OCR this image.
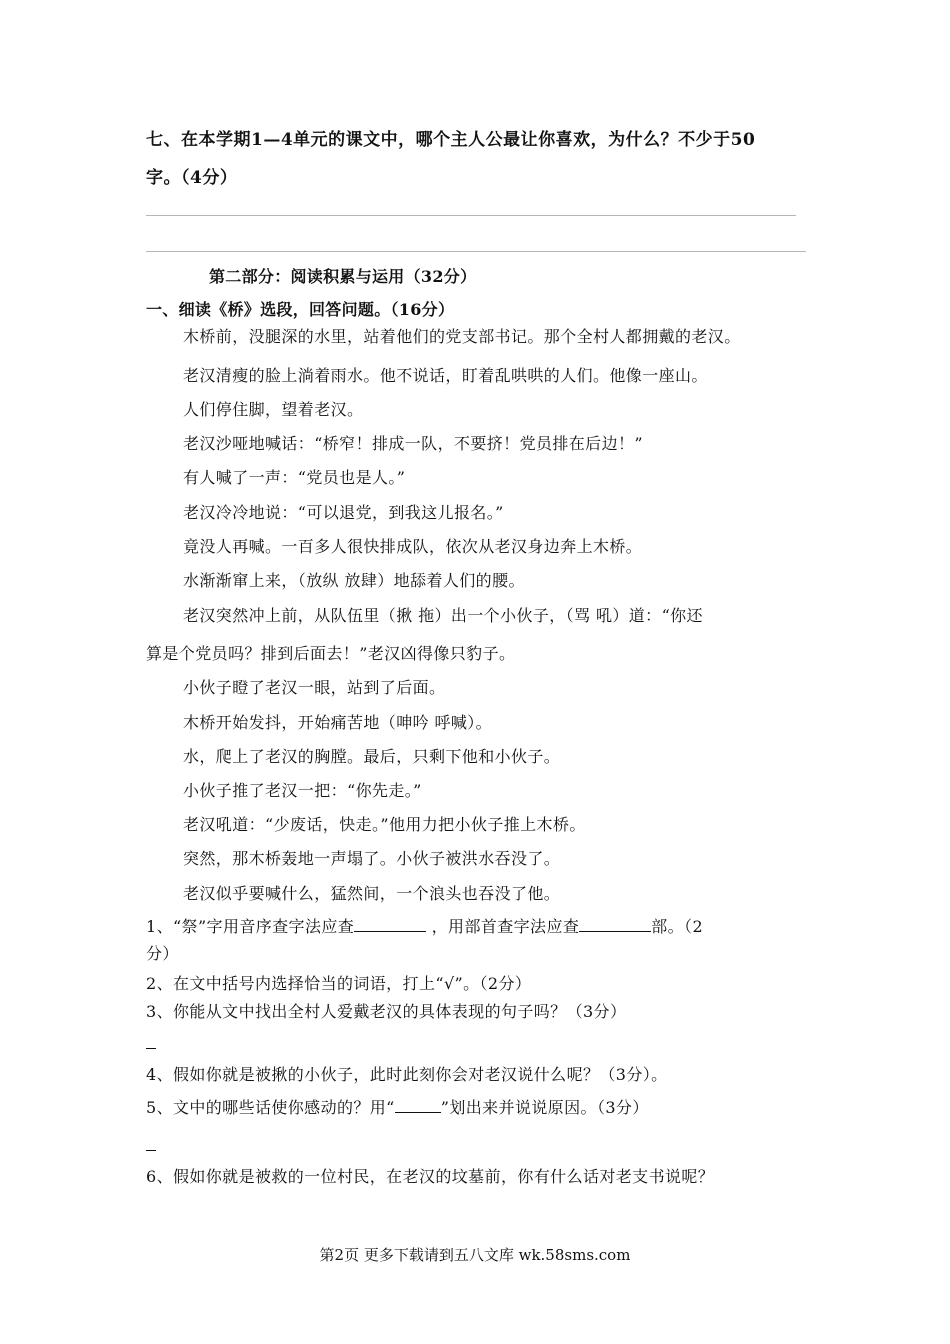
七、在本学期1—4单元的课文中，哪个主人公最让你喜欢，为什么？不少于50
字。（4分）
第二部分：阅读积累与运用（32分）
一、细读《桥》选段，回答问题。（16分）
木桥前，没腿深的水里，站着他们的党支部书记。那个全村人都拥戴的老汉。
老汉清瘦的脸上淌着雨水。他不说话，盯着乱哄哄的人们。他像一座山。
人们停住脚，望着老汉。
老汉沙哑地喊话：“桥窄！排成一队，不要挤！党员排在后边！”
有人喊了一声：“党员也是人。”
老汉冷冷地说：“可以退党，到我这儿报名。”
竟没人再喊。一百多人很快排成队，依次从老汉身边奔上木桥。
水渐渐窜上来，（放纵 放肆）地舔着人们的腰。
老汉突然冲上前，从队伍里（揪 拖）出一个小伙子，（骂 吼）道：“你还
算是个党员吗？排到后面去！”老汉凶得像只豹子。
小伙子瞪了老汉一眼，站到了后面。
木桥开始发抖，开始痛苦地（呻吟 呼喊）。
水，爬上了老汉的胸膛。最后，只剩下他和小伙子。
小伙子推了老汉一把：“你先走。”
老汉吼道：“少废话，快走。”他用力把小伙子推上木桥。
突然，那木桥轰地一声塌了。小伙子被洪水吞没了。
老汉似乎要喊什么，猛然间，一个浪头也吞没了他。
1、“祭”字用音序查字法应查	，用部首查字法应查	部。（2
分）
2、在文中括号内选择恰当的词语，打上“√”。（2分）
3、你能从文中找出全村人爱戴老汉的具体表现的句子吗？（3分）
4、假如你就是被揪的小伙子，此时此刻你会对老汉说什么呢？（3分）。
5、文中的哪些话使你感动的？用“	”划出来并说说原因。（3分）
6、假如你就是被救的一位村民，在老汉的坟墓前，你有什么话对老支书说呢？
第2页 更多下载请到五八文库 wk.58sms.com
